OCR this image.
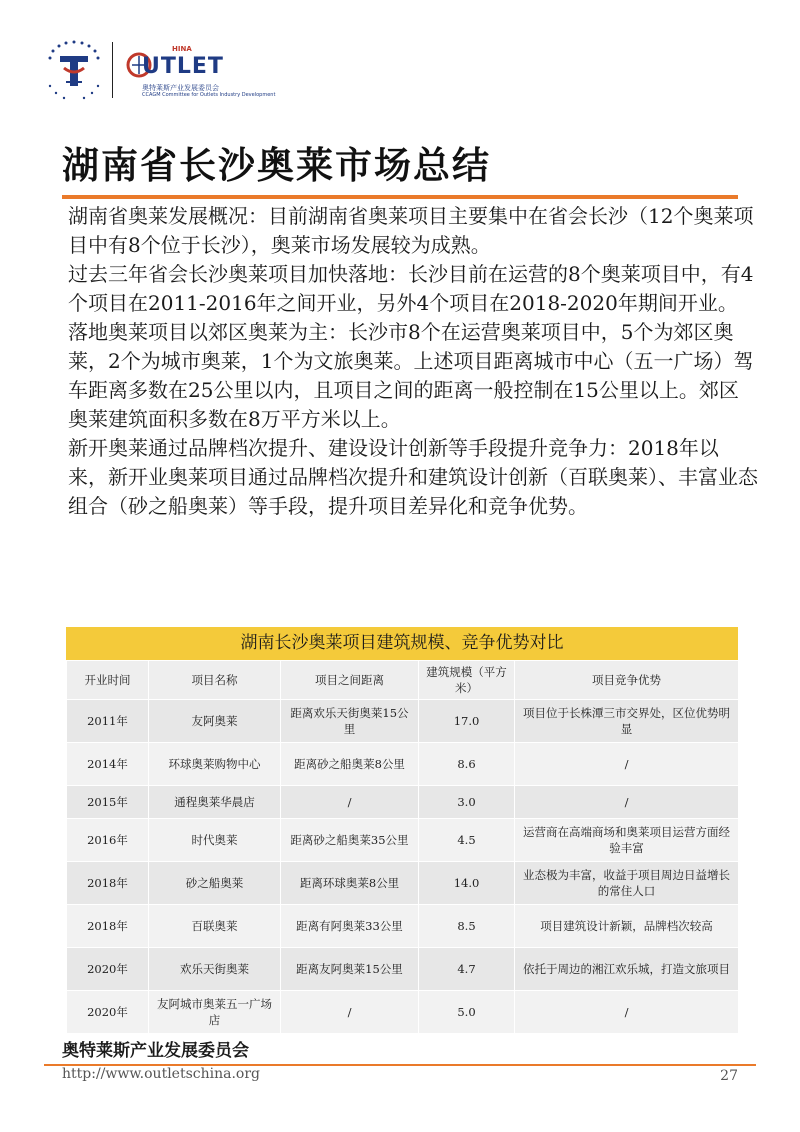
HINA
UTLET
奥特莱斯产业发展委员会
CCAGM Committee for Outlets Industry Development
湖南省长沙奥莱市场总结

湖南省奥莱发展概况：目前湖南省奥莱项目主要集中在省会长沙（12个奥莱项目中有8个位于长沙），奥莱市场发展较为成熟。

过去三年省会长沙奥莱项目加快落地：长沙目前在运营的8个奥莱项目中，有4个项目在2011-2016年之间开业，另外4个项目在2018-2020年期间开业。

落地奥莱项目以郊区奥莱为主：长沙市8个在运营奥莱项目中，5个为郊区奥莱，2个为城市奥莱，1个为文旅奥莱。上述项目距离城市中心（五一广场）驾车距离多数在25公里以内，且项目之间的距离一般控制在15公里以上。郊区奥莱建筑面积多数在8万平方米以上。

新开奥莱通过品牌档次提升、建设设计创新等手段提升竞争力：2018年以来，新开业奥莱项目通过品牌档次提升和建筑设计创新（百联奥莱）、丰富业态组合（砂之船奥莱）等手段，提升项目差异化和竞争优势。

湖南长沙奥莱项目建筑规模、竞争优势对比
开业时间	项目名称	项目之间距离	建筑规模（平方米）	项目竞争优势
2011年	友阿奥莱	距离欢乐天街奥莱15公里	17.0	项目位于长株潭三市交界处，区位优势明显
2014年	环球奥莱购物中心	距离砂之船奥莱8公里	8.6	/
2015年	通程奥莱华晨店	/	3.0	/
2016年	时代奥莱	距离砂之船奥莱35公里	4.5	运营商在高端商场和奥莱项目运营方面经验丰富
2018年	砂之船奥莱	距离环球奥莱8公里	14.0	业态极为丰富，收益于项目周边日益增长的常住人口
2018年	百联奥莱	距离有阿奥莱33公里	8.5	项目建筑设计新颖，品牌档次较高
2020年	欢乐天街奥莱	距离友阿奥莱15公里	4.7	依托于周边的湘江欢乐城，打造文旅项目
2020年	友阿城市奥莱五一广场店	/	5.0	/
奥特莱斯产业发展委员会
http://www.outletschina.org	27
